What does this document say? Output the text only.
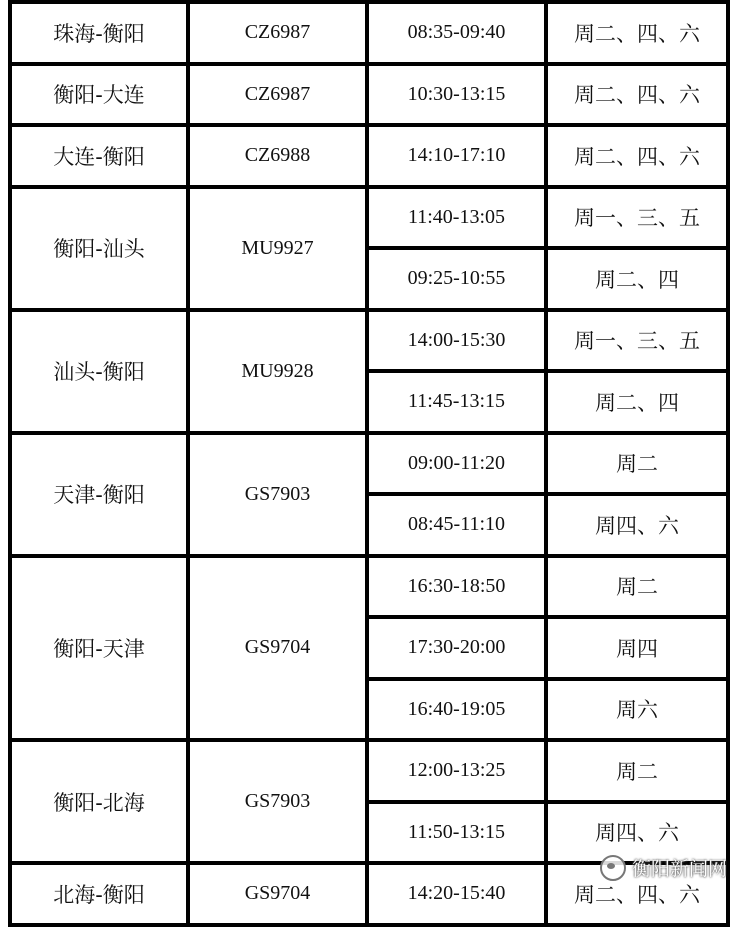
珠海-衡阳	CZ6987	08:35-09:40	周二、四、六
衡阳-大连	CZ6987	10:30-13:15	周二、四、六
大连-衡阳	CZ6988	14:10-17:10	周二、四、六
衡阳-汕头	MU9927	11:40-13:05	周一、三、五
		09:25-10:55	周二、四
汕头-衡阳	MU9928	14:00-15:30	周一、三、五
		11:45-13:15	周二、四
天津-衡阳	GS7903	09:00-11:20	周二
		08:45-11:10	周四、六
衡阳-天津	GS9704	16:30-18:50	周二
		17:30-20:00	周四
		16:40-19:05	周六
衡阳-北海	GS7903	12:00-13:25	周二
		11:50-13:15	周四、六
北海-衡阳	GS9704	14:20-15:40	周二、四、六
衡阳新闻网
